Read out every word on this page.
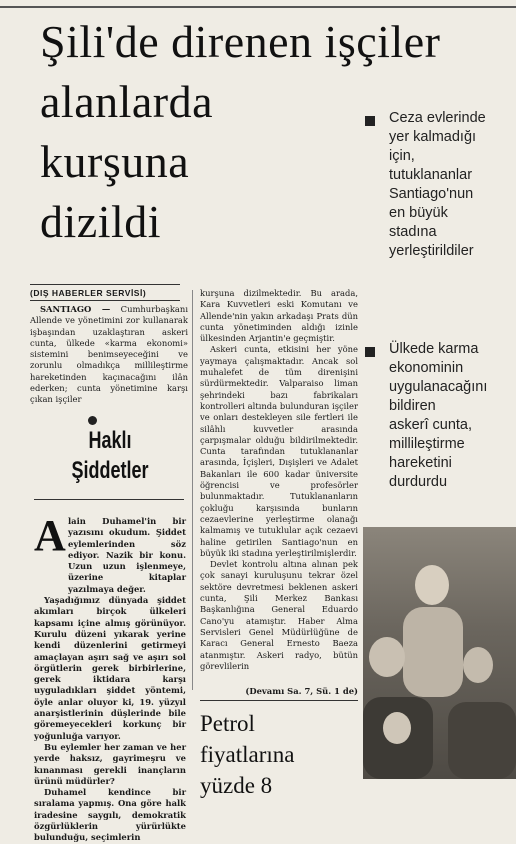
Şili'de direnen işçiler
alanlarda
kurşuna
dizildi
Ceza evlerinde
yer kalmadığı
için,
tutuklananlar
Santiago'nun
en büyük
stadına
yerleştirildiler
Ülkede karma
ekonominin
uygulanacağını
bildiren
askerî cunta,
millileştirme
hareketini
durdurdu
(DIŞ HABERLER SERVİSİ)

SANTIAGO — Cumhurbaşkanı Allende ve yönetimini zor kullanarak işbaşından uzaklaştıran askeri cunta, ülkede «karma ekonomi» sistemini benimseyeceğini ve zorunlu olmadıkça millileştirme hareketinden kaçınacağını ilân ederken; cunta yönetimine karşı çıkan işçiler

kurşuna dizilmektedir. Bu arada, Kara Kuvvetleri eski Komutanı ve Allende'nin yakın arkadaşı Prats dün cunta yönetiminden aldığı izinle ülkesinden Arjantin'e geçmiştir.

Askeri cunta, etkisini her yöne yaymaya çalışmaktadır. Ancak sol muhalefet de tüm direnişini sürdürmektedir. Valparaiso liman şehrindeki bazı fabrikaları kontrolleri altında bulunduran işçiler ve onları destekleyen sile fertleri ile silâhlı kuvvetler arasında çarpışmalar olduğu bildirilmektedir. Cunta tarafından tutuklananlar arasında, İçişleri, Dışişleri ve Adalet Bakanları ile 600 kadar üniversite öğrencisi ve profesörler bulunmaktadır. Tutuklananların çokluğu karşısında bunların cezaevlerine yerleştirme olanağı kalmamış ve tutuklular açık cezaevi haline getirilen Santiago'nun en büyük iki stadına yerleştirilmişlerdir.

Devlet kontrolu altına alınan pek çok sanayi kuruluşunu tekrar özel sektöre devretmesi beklenen askeri cunta, Şili Merkez Bankası Başkanlığına General Eduardo Cano'yu atamıştır. Haber Alma Servisleri Genel Müdürlüğüne de Karacı General Ernesto Baeza atanmıştır. Askeri radyo, bütün görevlilerin

(Devamı Sa. 7, Sü. 1 de)
Haklı
Şiddetler
A lain Duhamel'in bir yazısını okudum. Şiddet eylemlerinden söz ediyor. Nazik bir konu. Uzun uzun işlenmeye, üzerine kitaplar yazılmaya değer.

Yaşadığımız dünyada şiddet akımları birçok ülkeleri kapsamı içine almış görünüyor. Kurulu düzeni yıkarak yerine kendi düzenlerini getirmeyi amaçlayan aşırı sağ ve aşırı sol örgütlerin gerek birbirlerine, gerek iktidara karşı uyguladıkları şiddet yöntemi, öyle anlar oluyor ki, 19. yüzyıl anarşistlerinin düşlerinde bile göremeyecekleri korkunç bir yoğunluğa varıyor.

Bu eylemler her zaman ve her yerde haksız, gayrimeşru ve kınanması gerekli inançların ürünü müdürler?

Duhamel kendince bir sıralama yapmış. Ona göre halk iradesine saygılı, demokratik özgürlüklerin yürürlükte bulunduğu, seçimlerin

Petrol
fiyatlarına
yüzde 8
